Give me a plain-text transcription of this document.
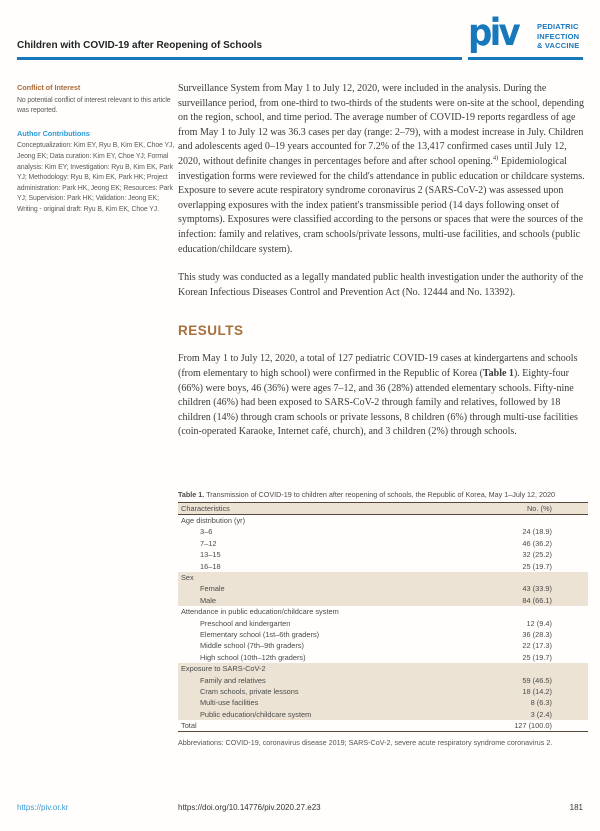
Children with COVID-19 after Reopening of Schools	piv	PEDIATRIC
INFECTION
& VACCINE
Conflict of Interest
No potential conflict of interest relevant to this article was reported.
Author Contributions
Conceptualization: Kim EY, Ryu B, Kim EK, Choe YJ, Jeong EK; Data curation: Kim EY, Choe YJ; Formal analysis: Kim EY; Investigation: Ryu B, Kim EK, Park YJ; Methodology: Ryu B, Kim EK, Park HK; Project administration: Park HK, Jeong EK; Resources: Park YJ; Supervision: Park HK; Validation: Jeong EK; Writing - original draft: Ryu B, Kim EK, Choe YJ.

Surveillance System from May 1 to July 12, 2020, were included in the analysis. During the surveillance period, from one-third to two-thirds of the students were on-site at the school, depending on the region, school, and time period. The average number of COVID-19 reports regardless of age from May 1 to July 12 was 36.3 cases per day (range: 2–79), with a modest increase in July. Children and adolescents aged 0–19 years accounted for 7.2% of the 13,417 confirmed cases until July 12, 2020, without definite changes in percentages before and after school opening.$^{4)}$ Epidemiological investigation forms were reviewed for the child's attendance in public education or childcare systems. Exposure to severe acute respiratory syndrome coronavirus 2 (SARS-CoV-2) was assessed upon overlapping exposures with the index patient's transmissible period (14 days following onset of symptoms). Exposures were classified according to the persons or spaces that were the sources of the infection: family and relatives, cram schools/private lessons, multi-use facilities, and schools (public education/childcare system).

This study was conducted as a legally mandated public health investigation under the authority of the Korean Infectious Diseases Control and Prevention Act (No. 12444 and No. 13392).

RESULTS

From May 1 to July 12, 2020, a total of 127 pediatric COVID-19 cases at kindergartens and schools (from elementary to high school) were confirmed in the Republic of Korea (Table 1). Eighty-four (66%) were boys, 46 (36%) were ages 7–12, and 36 (28%) attended elementary schools. Fifty-nine children (46%) had been exposed to SARS-CoV-2 through family and relatives, followed by 18 children (14%) through cram schools or private lessons, 8 children (6%) through multi-use facilities (coin-operated Karaoke, Internet café, church), and 3 children (2%) through schools.

Table 1. Transmission of COVID-19 to children after reopening of schools, the Republic of Korea, May 1–July 12, 2020
Characteristics	No. (%)
Age distribution (yr)
3–6	24 (18.9)
7–12	46 (36.2)
13–15	32 (25.2)
16–18	25 (19.7)
Sex
Female	43 (33.9)
Male	84 (66.1)
Attendance in public education/childcare system
Preschool and kindergarten	12 (9.4)
Elementary school (1st–6th graders)	36 (28.3)
Middle school (7th–9th graders)	22 (17.3)
High school (10th–12th graders)	25 (19.7)
Exposure to SARS-CoV-2
Family and relatives	59 (46.5)
Cram schools, private lessons	18 (14.2)
Multi-use facilities	8 (6.3)
Public education/childcare system	3 (2.4)
Total	127 (100.0)
Abbreviations: COVID-19, coronavirus disease 2019; SARS-CoV-2, severe acute respiratory syndrome coronavirus 2.
https://piv.or.kr	https://doi.org/10.14776/piv.2020.27.e23	181
